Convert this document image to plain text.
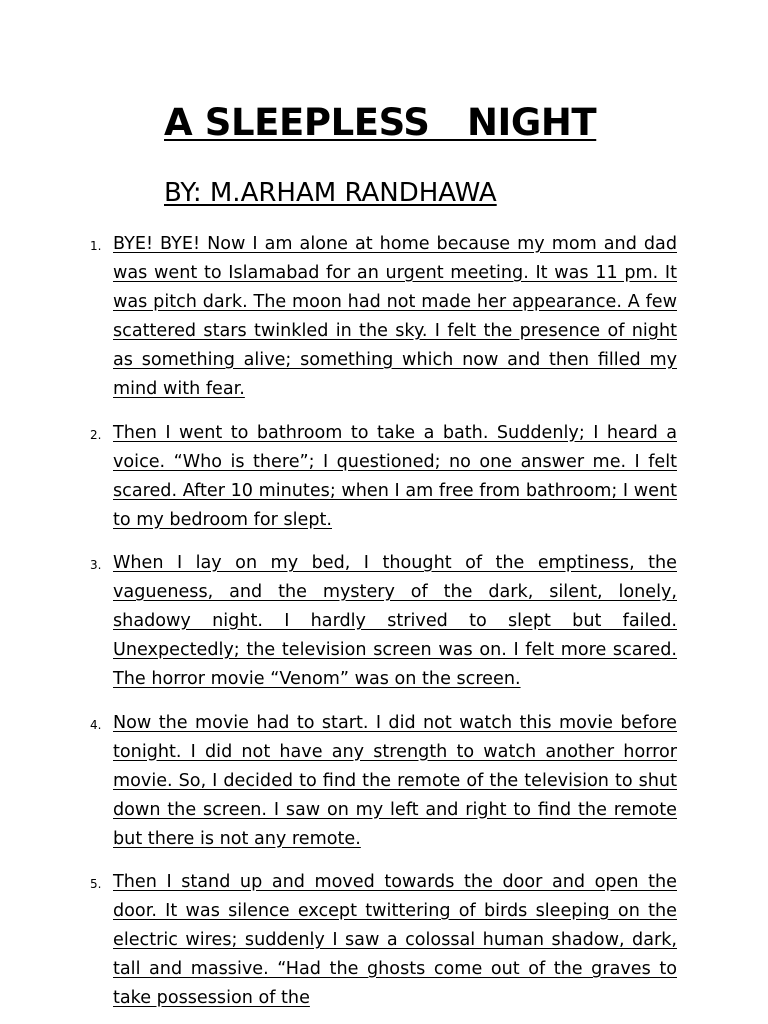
A SLEEPLESS   NIGHT
BY: M.ARHAM RANDHAWA
1. BYE! BYE! Now I am alone at home because my mom and dad was went to Islamabad for an urgent meeting. It was 11 pm. It was pitch dark. The moon had not made her appearance. A few scattered stars twinkled in the sky. I felt the presence of night as something alive; something which now and then filled my mind with fear.
2. Then I went to bathroom to take a bath. Suddenly; I heard a voice. “Who is there”; I questioned; no one answer me. I felt scared. After 10 minutes; when I am free from bathroom; I went to my bedroom for slept.
3. When I lay on my bed, I thought of the emptiness, the vagueness, and the mystery of the dark, silent, lonely, shadowy night. I hardly strived to slept but failed. Unexpectedly; the television screen was on. I felt more scared. The horror movie “Venom” was on the screen.
4. Now the movie had to start. I did not watch this movie before tonight. I did not have any strength to watch another horror movie. So, I decided to find the remote of the television to shut down the screen. I saw on my left and right to find the remote but there is not any remote.
5. Then I stand up and moved towards the door and open the door. It was silence except twittering of birds sleeping on the electric wires; suddenly I saw a colossal human shadow, dark, tall and massive. “Had the ghosts come out of the graves to take possession of the
